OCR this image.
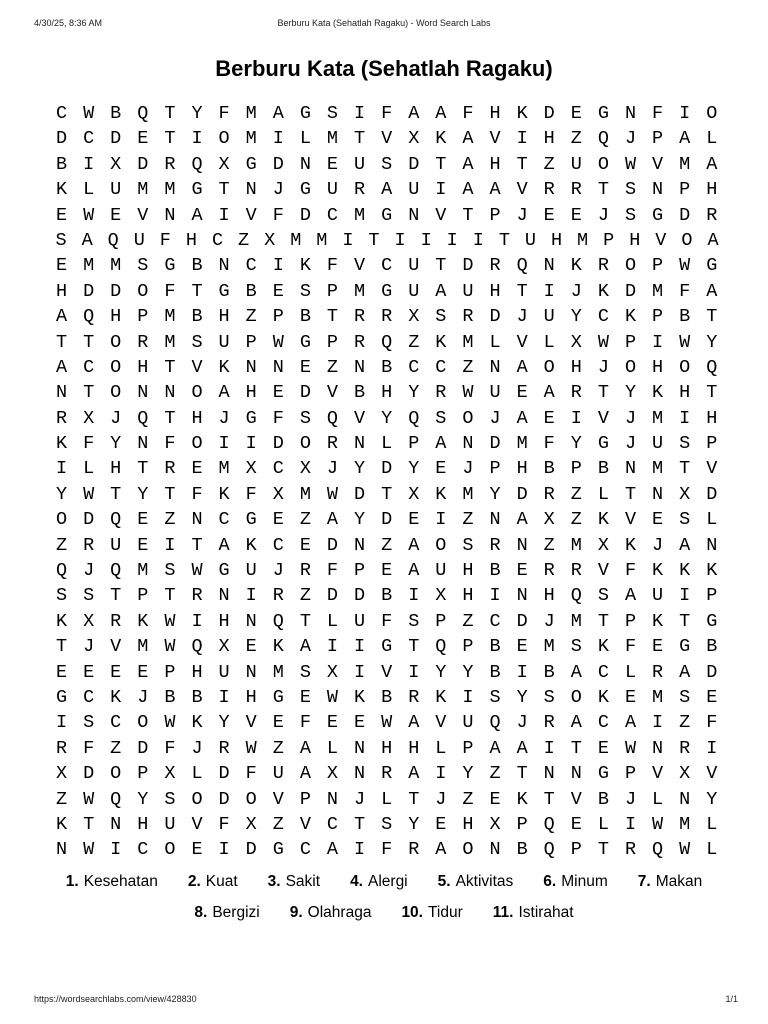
4/30/25, 8:36 AM	Berburu Kata (Sehatlah Ragaku) - Word Search Labs
Berburu Kata (Sehatlah Ragaku)
C W B Q T Y F M A G S I F A A F H K D E G N F I O
D C D E T I O M I L M T V X K A V I H Z Q J P A L
B I X D R Q X G D N E U S D T A H T Z U O W V M A
K L U M M G T N J G U R A U I A A V R R T S N P H
E W E V N A I V F D C M G N V T P J E E J S G D R
S A Q U F H C Z X M M I T I I I I T U H M P H V O A
E M M S G B N C I K F V C U T D R Q N K R O P W G
H D D O F T G B E S P M G U A U H T I J K D M F A
A Q H P M B H Z P B T R R X S R D J U Y C K P B T
T T O R M S U P W G P R Q Z K M L V L X W P I W Y
A C O H T V K N N E Z N B C C Z N A O H J O H O Q
N T O N N O A H E D V B H Y R W U E A R T Y K H T
R X J Q T H J G F S Q V Y Q S O J A E I V J M I H
K F Y N F O I I D O R N L P A N D M F Y G J U S P
I L H T R E M X C X J Y D Y E J P H B P B N M T V
Y W T Y T F K F X M W D T X K M Y D R Z L T N X D
O D Q E Z N C G E Z A Y D E I Z N A X Z K V E S L
Z R U E I T A K C E D N Z A O S R N Z M X K J A N
Q J Q M S W G U J R F P E A U H B E R R V F K K K
S S T P T R N I R Z D D B I X H I N H Q S A U I P
K X R K W I H N Q T L U F S P Z C D J M T P K T G
T J V M W Q X E K A I I G T Q P B E M S K F E G B
E E E E P H U N M S X I V I Y Y B I B A C L R A D
G C K J B B I H G E W K B R K I S Y S O K E M S E
I S C O W K Y V E F E E W A V U Q J R A C A I Z F
R F Z D F J R W Z A L N H H L P A A I T E W N R I
X D O P X L D F U A X N R A I Y Z T N N G P V X V
Z W Q Y S O D O V P N J L T J Z E K T V B J L N Y
K T N H U V F X Z V C T S Y E H X P Q E L I W M L
N W I C O E I D G C A I F R A O N B Q P T R Q W L
1. Kesehatan 2. Kuat 3. Sakit 4. Alergi 5. Aktivitas 6. Minum 7. Makan
8. Bergizi 9. Olahraga 10. Tidur 11. Istirahat
https://wordsearchlabs.com/view/428830	1/1
